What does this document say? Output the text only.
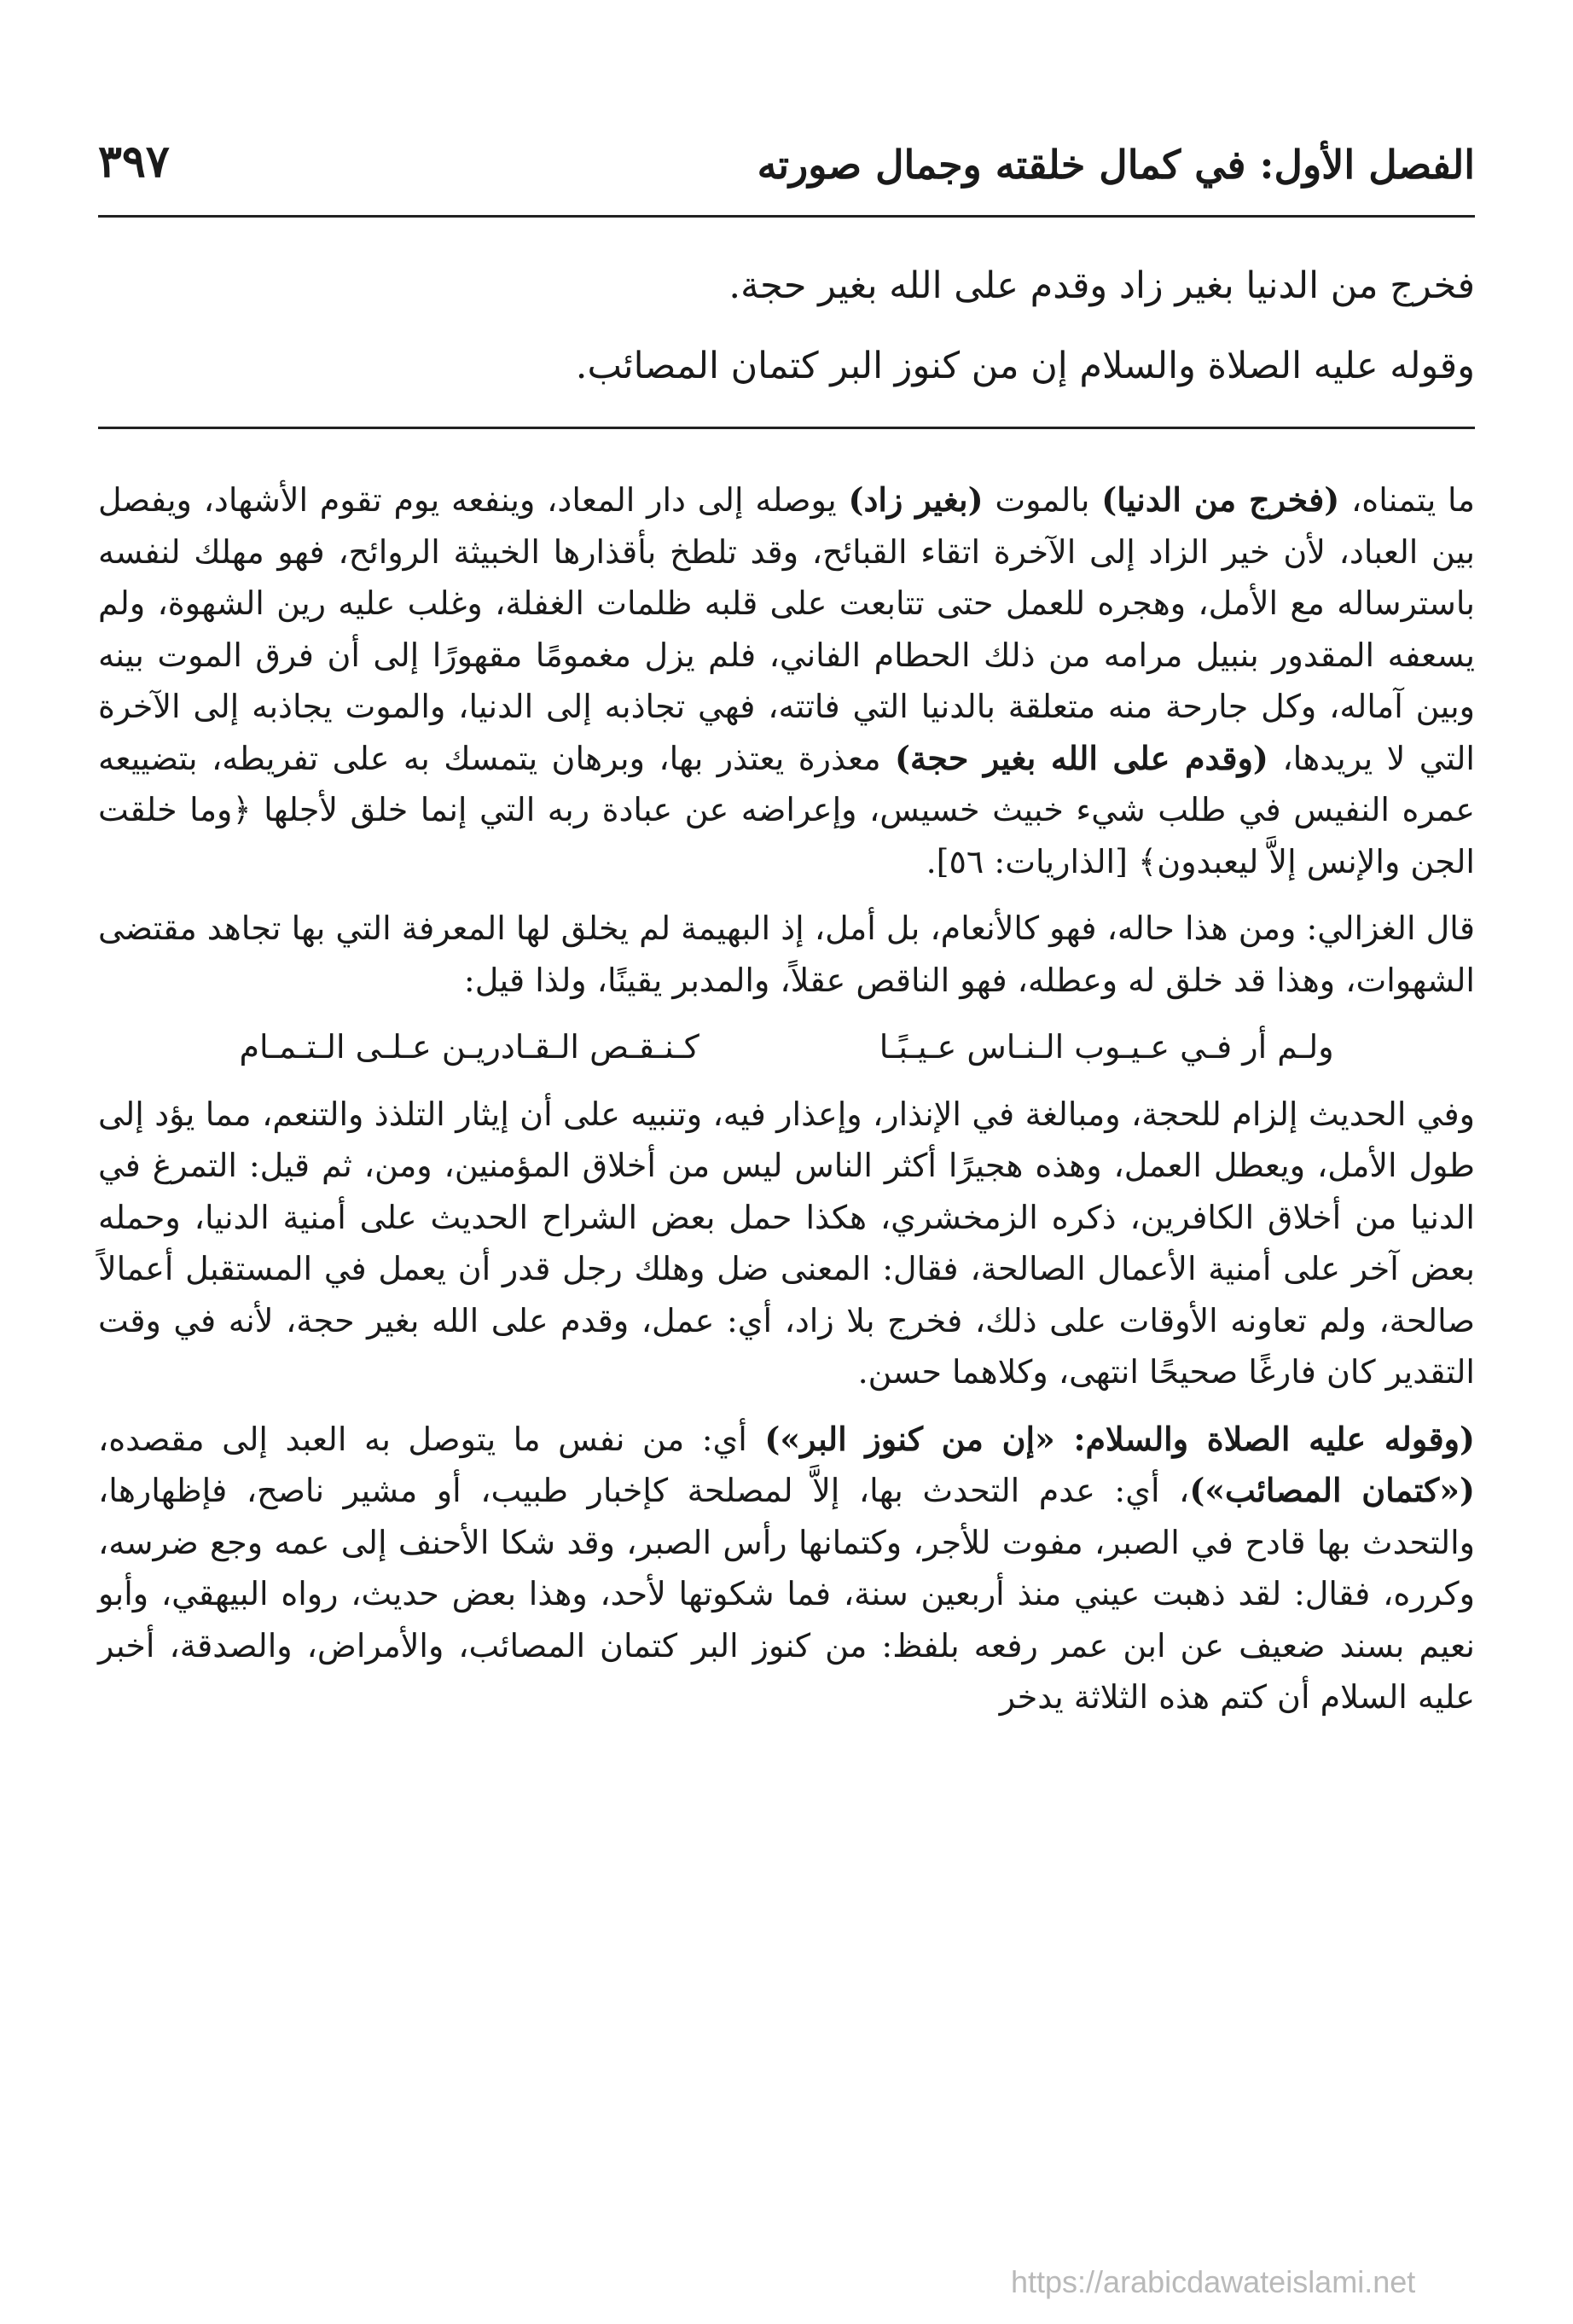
الفصل الأول: في كمال خلقته وجمال صورته
٣٩٧

فخرج من الدنيا بغير زاد وقدم على الله بغير حجة.

وقوله عليه الصلاة والسلام إن من كنوز البر كتمان المصائب.

ما يتمناه، (فخرج من الدنيا) بالموت (بغير زاد) يوصله إلى دار المعاد، وينفعه يوم تقوم الأشهاد، ويفصل بين العباد، لأن خير الزاد إلى الآخرة اتقاء القبائح، وقد تلطخ بأقذارها الخبيثة الروائح، فهو مهلك لنفسه باسترساله مع الأمل، وهجره للعمل حتى تتابعت على قلبه ظلمات الغفلة، وغلب عليه رين الشهوة، ولم يسعفه المقدور بنبيل مرامه من ذلك الحطام الفاني، فلم يزل مغمومًا مقهورًا إلى أن فرق الموت بينه وبين آماله، وكل جارحة منه متعلقة بالدنيا التي فاتته، فهي تجاذبه إلى الدنيا، والموت يجاذبه إلى الآخرة التي لا يريدها، (وقدم على الله بغير حجة) معذرة يعتذر بها، وبرهان يتمسك به على تفريطه، بتضييعه عمره النفيس في طلب شيء خبيث خسيس، وإعراضه عن عبادة ربه التي إنما خلق لأجلها ﴿وما خلقت الجن والإنس إلاَّ ليعبدون﴾ [الذاريات: ٥٦].

قال الغزالي: ومن هذا حاله، فهو كالأنعام، بل أمل، إذ البهيمة لم يخلق لها المعرفة التي بها تجاهد مقتضى الشهوات، وهذا قد خلق له وعطله، فهو الناقص عقلاً، والمدبر يقينًا، ولذا قيل:

ولـم أر فـي عـيـوب الـنـاس عـيـبًـا
كـنـقـص الـقـادريـن عـلـى الـتـمـام

وفي الحديث إلزام للحجة، ومبالغة في الإنذار، وإعذار فيه، وتنبيه على أن إيثار التلذذ والتنعم، مما يؤد إلى طول الأمل، ويعطل العمل، وهذه هجيرًا أكثر الناس ليس من أخلاق المؤمنين، ومن، ثم قيل: التمرغ في الدنيا من أخلاق الكافرين، ذكره الزمخشري، هكذا حمل بعض الشراح الحديث على أمنية الدنيا، وحمله بعض آخر على أمنية الأعمال الصالحة، فقال: المعنى ضل وهلك رجل قدر أن يعمل في المستقبل أعمالاً صالحة، ولم تعاونه الأوقات على ذلك، فخرج بلا زاد، أي: عمل، وقدم على الله بغير حجة، لأنه في وقت التقدير كان فارغًا صحيحًا انتهى، وكلاهما حسن.

(وقوله عليه الصلاة والسلام: «إن من كنوز البر») أي: من نفس ما يتوصل به العبد إلى مقصده، («كتمان المصائب»)، أي: عدم التحدث بها، إلاَّ لمصلحة كإخبار طبيب، أو مشير ناصح، فإظهارها، والتحدث بها قادح في الصبر، مفوت للأجر، وكتمانها رأس الصبر، وقد شكا الأحنف إلى عمه وجع ضرسه، وكرره، فقال: لقد ذهبت عيني منذ أربعين سنة، فما شكوتها لأحد، وهذا بعض حديث، رواه البيهقي، وأبو نعيم بسند ضعيف عن ابن عمر رفعه بلفظ: من كنوز البر كتمان المصائب، والأمراض، والصدقة، أخبر عليه السلام أن كتم هذه الثلاثة يدخر

https://arabicdawateislami.net
